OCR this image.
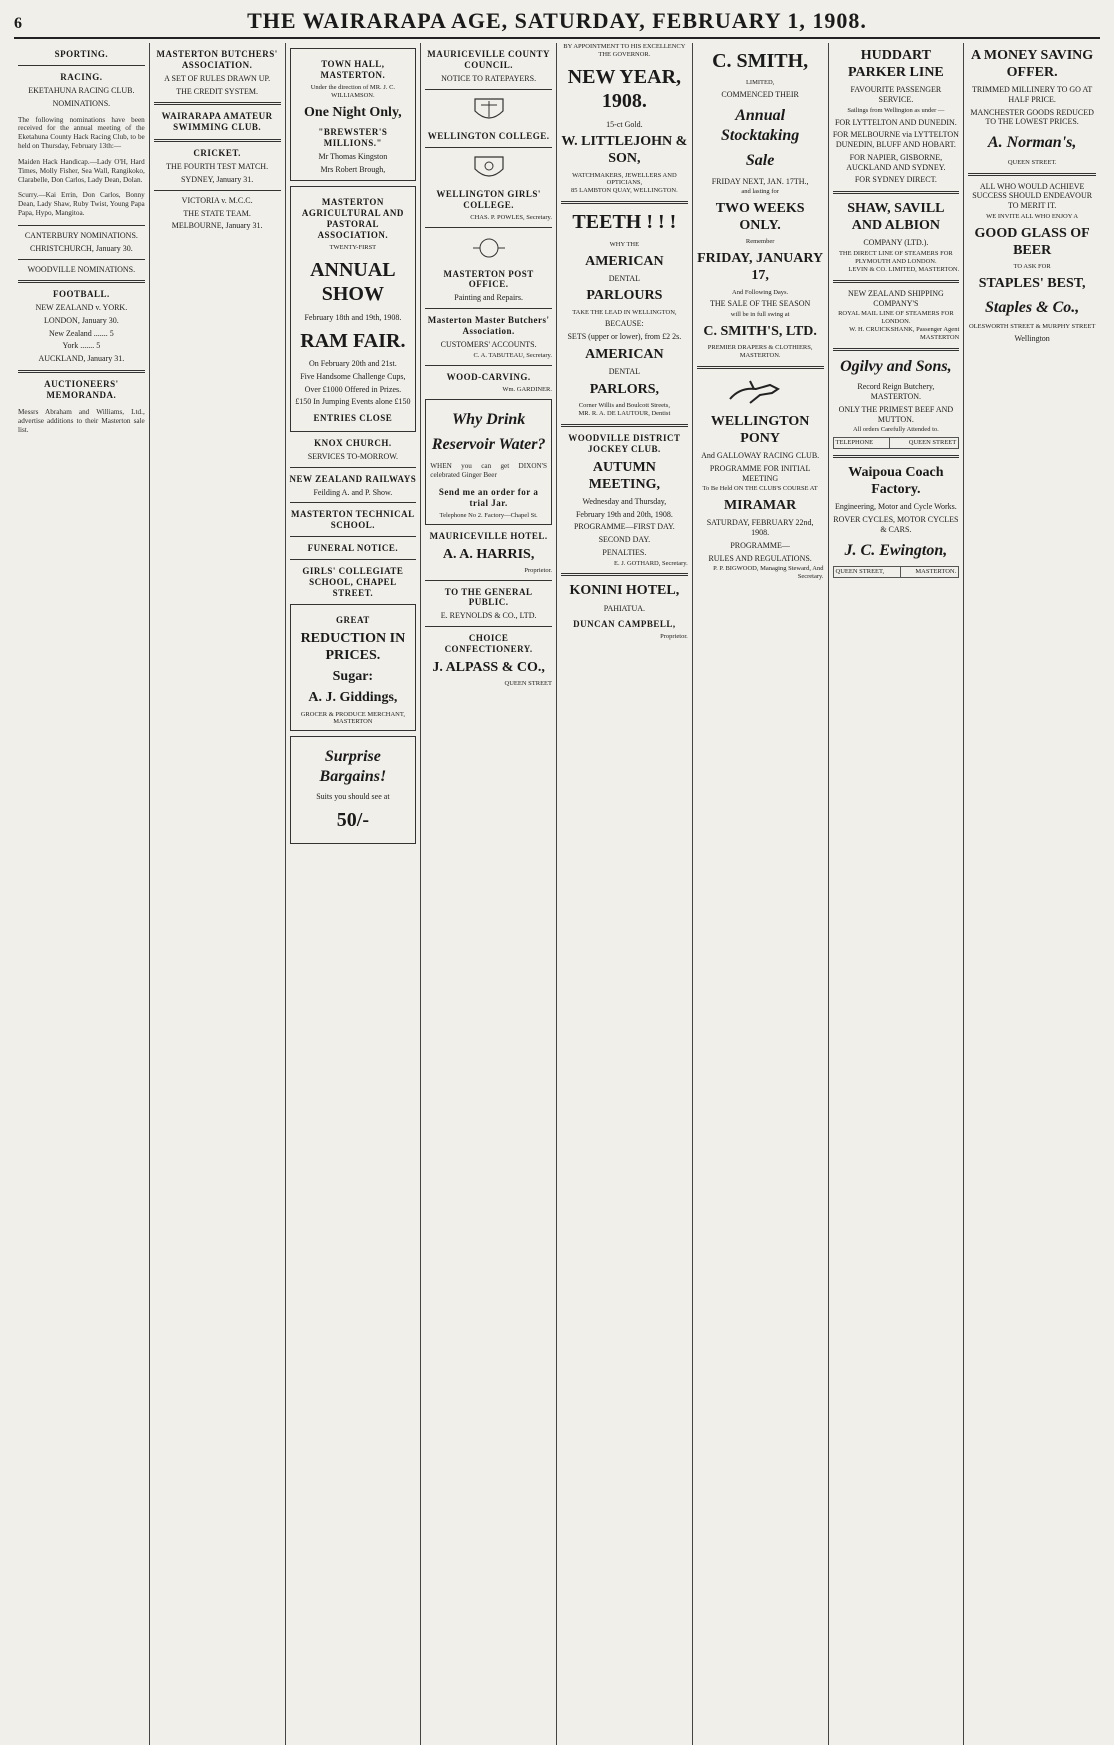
6	THE WAIRARAPA AGE, SATURDAY, FEBRUARY 1, 1908.
SPORTING.
RACING.
EKETAHUNA RACING CLUB.
NOMINATIONS.

The following nominations have been received for the annual meeting of the Eketahuna County Hack Racing Club, to be held on Thursday, February 13th:—

Maiden Hack Handicap.—Lady O'H, Hard Times, Molly Fisher, Sea Wall, Rangikoko, Clarabelle, Don Carlos, Lady Dean, Dolan.

Scurry.—Kai Errin, Don Carlos, Bonny Dean, Lady Shaw, Ruby Twist, Young Papa Papa, Hypo, Mangitoa.

CANTERBURY NOMINATIONS.
CHRISTCHURCH, January 30.
WOODVILLE NOMINATIONS.
FOOTBALL.
NEW ZEALAND v. YORK.
LONDON, January 30.
New Zealand ....... 5
York ....... 5
AUCKLAND, January 31.
AUCTIONEERS' MEMORANDA.

Messrs Abraham and Williams, Ltd., advertise additions to their Masterton sale list.

MASTERTON BUTCHERS' ASSOCIATION.
A SET OF RULES DRAWN UP.
THE CREDIT SYSTEM.
WAIRARAPA AMATEUR SWIMMING CLUB.
CRICKET.
THE FOURTH TEST MATCH.
SYDNEY, January 31.
VICTORIA v. M.C.C.
THE STATE TEAM.
MELBOURNE, January 31.
TOWN HALL, MASTERTON.
Under the direction of MR. J. C. WILLIAMSON.
One Night Only,
"BREWSTER'S MILLIONS."
Mr Thomas Kingston
Mrs Robert Brough,
MASTERTON AGRICULTURAL AND PASTORAL ASSOCIATION.
TWENTY-FIRST
ANNUAL SHOW
February 18th and 19th, 1908.
RAM FAIR.
On February 20th and 21st.
Five Handsome Challenge Cups,
Over £1000 Offered in Prizes.
£150 In Jumping Events alone £150
ENTRIES CLOSE
KNOX CHURCH.
SERVICES TO-MORROW.
NEW ZEALAND RAILWAYS
Feilding A. and P. Show.
MASTERTON TECHNICAL SCHOOL.
FUNERAL NOTICE.
GIRLS' COLLEGIATE SCHOOL, CHAPEL STREET.
GREAT
REDUCTION IN PRICES.
Sugar:
A. J. Giddings,
GROCER & PRODUCE MERCHANT, MASTERTON
Surprise Bargains!
Suits you should see at
50/-
MAURICEVILLE COUNTY COUNCIL.
NOTICE TO RATEPAYERS.
WELLINGTON COLLEGE.
WELLINGTON GIRLS' COLLEGE.
CHAS. P. POWLES, Secretary.
MASTERTON POST OFFICE.
Painting and Repairs.
Masterton Master Butchers' Association.
CUSTOMERS' ACCOUNTS.
C. A. TABUTEAU, Secretary.
WOOD-CARVING.
Wm. GARDINER.
Why Drink
Reservoir Water?

WHEN you can get DIXON'S celebrated Ginger Beer

Send me an order for a trial Jar.
Telephone No 2. Factory—Chapel St.
MAURICEVILLE HOTEL.
A. A. HARRIS,
Proprietor.
TO THE GENERAL PUBLIC.
E. REYNOLDS & CO., LTD.
CHOICE CONFECTIONERY.
J. ALPASS & CO.,
QUEEN STREET
BY APPOINTMENT TO HIS EXCELLENCY THE GOVERNOR.
NEW YEAR, 1908.
15-ct Gold.
W. LITTLEJOHN & SON,
WATCHMAKERS, JEWELLERS AND OPTICIANS,
85 LAMBTON QUAY, WELLINGTON.
TEETH ! ! !
WHY THE
AMERICAN
DENTAL
PARLOURS
TAKE THE LEAD IN WELLINGTON,
BECAUSE:
SETS (upper or lower), from £2 2s.
AMERICAN
DENTAL
PARLORS,
Corner Willis and Boulcott Streets,
MR. R. A. DE LAUTOUR, Dentist
WOODVILLE DISTRICT JOCKEY CLUB.
AUTUMN MEETING,
Wednesday and Thursday,
February 19th and 20th, 1908.
PROGRAMME—FIRST DAY.
SECOND DAY.
PENALTIES.
E. J. GOTHARD, Secretary.
KONINI HOTEL,
PAHIATUA.
DUNCAN CAMPBELL,
Proprietor.
C. SMITH,
LIMITED,
COMMENCED THEIR
Annual Stocktaking
Sale
FRIDAY NEXT, JAN. 17TH.,
and lasting for
TWO WEEKS ONLY.
Remember
FRIDAY, JANUARY 17,
And Following Days.
THE SALE OF THE SEASON
will be in full swing at
C. SMITH'S, LTD.
PREMIER DRAPERS & CLOTHIERS, MASTERTON.
WELLINGTON PONY
And GALLOWAY RACING CLUB.
PROGRAMME FOR INITIAL MEETING
To Be Held ON THE CLUB'S COURSE AT
MIRAMAR
SATURDAY, FEBRUARY 22nd, 1908.
PROGRAMME—
RULES AND REGULATIONS.
P. P. BIGWOOD, Managing Steward, And Secretary.
HUDDART PARKER LINE
FAVOURITE PASSENGER SERVICE.
Sailings from Wellington as under —
FOR LYTTELTON AND DUNEDIN.
FOR MELBOURNE via LYTTELTON DUNEDIN, BLUFF AND HOBART.
FOR NAPIER, GISBORNE, AUCKLAND AND SYDNEY.
FOR SYDNEY DIRECT.
SHAW, SAVILL AND ALBION
COMPANY (LTD.).
THE DIRECT LINE OF STEAMERS FOR PLYMOUTH AND LONDON.
LEVIN & CO. LIMITED, MASTERTON.
NEW ZEALAND SHIPPING COMPANY'S
ROYAL MAIL LINE OF STEAMERS FOR LONDON.
W. H. CRUICKSHANK, Passenger Agent MASTERTON
Ogilvy and Sons,
Record Reign Butchery, MASTERTON.
ONLY THE PRIMEST BEEF AND MUTTON.
All orders Carefully Attended to.
TELEPHONE	QUEEN STREET
Waipoua Coach Factory.
Engineering, Motor and Cycle Works.
ROVER CYCLES, MOTOR CYCLES & CARS.
J. C. Ewington,
QUEEN STREET,	MASTERTON.
A MONEY SAVING OFFER.
TRIMMED MILLINERY TO GO AT HALF PRICE.
MANCHESTER GOODS REDUCED TO THE LOWEST PRICES.
A. Norman's,
QUEEN STREET.
ALL WHO WOULD ACHIEVE SUCCESS SHOULD ENDEAVOUR TO MERIT IT.
WE INVITE ALL WHO ENJOY A
GOOD GLASS OF BEER
TO ASK FOR
STAPLES' BEST,
Staples & Co.,
OLESWORTH STREET & MURPHY STREET
Wellington
